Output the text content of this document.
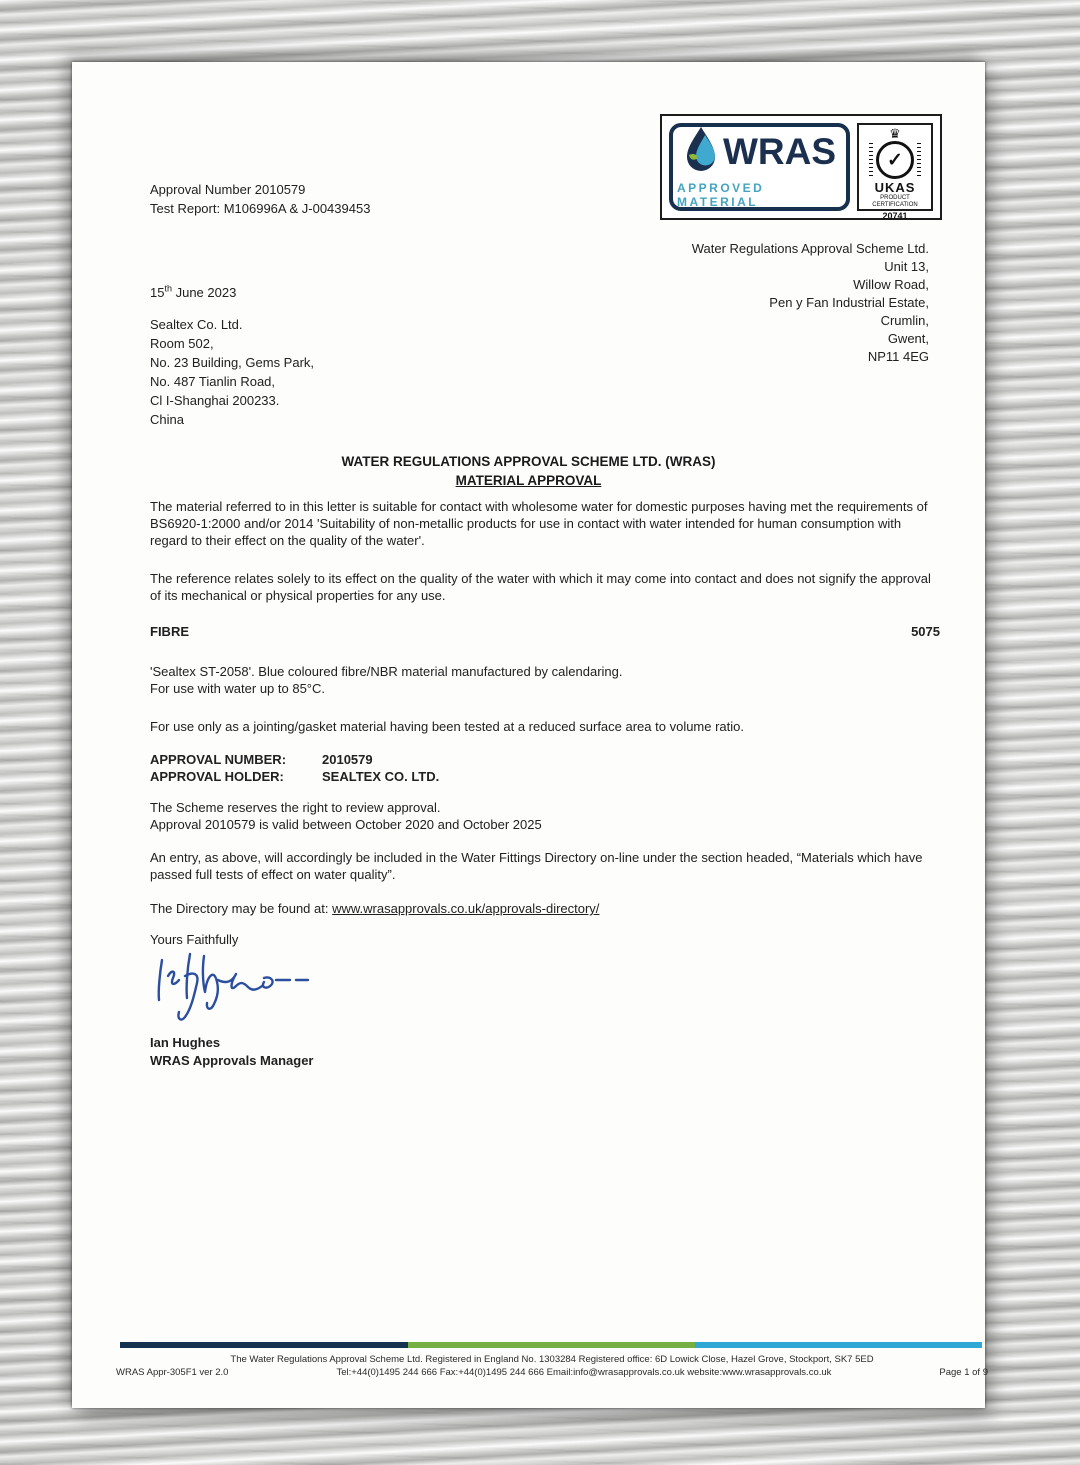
Approval Number 2010579
Test Report: M106996A & J-00439453
WRAS
APPROVED MATERIAL
♛
✓
UKAS
PRODUCT
CERTIFICATION
20741
Water Regulations Approval Scheme Ltd.
Unit 13,
Willow Road,
Pen y Fan Industrial Estate,
Crumlin,
Gwent,
NP11 4EG
15th June 2023
Sealtex Co. Ltd.
Room 502,
No. 23 Building, Gems Park,
No. 487 Tianlin Road,
Cl I-Shanghai 200233.
China
WATER REGULATIONS APPROVAL SCHEME LTD. (WRAS)
MATERIAL APPROVAL
The material referred to in this letter is suitable for contact with wholesome water for domestic purposes having met the requirements of BS6920-1:2000 and/or 2014 'Suitability of non-metallic products for use in contact with water intended for human consumption with regard to their effect on the quality of the water'.
The reference relates solely to its effect on the quality of the water with which it may come into contact and does not signify the approval of its mechanical or physical properties for any use.
FIBRE	5075
'Sealtex ST-2058'. Blue coloured fibre/NBR material manufactured by calendaring.
For use with water up to 85°C.
For use only as a jointing/gasket material having been tested at a reduced surface area to volume ratio.
APPROVAL NUMBER:	2010579
APPROVAL HOLDER:	SEALTEX CO. LTD.
The Scheme reserves the right to review approval.
Approval 2010579 is valid between October 2020 and October 2025
An entry, as above, will accordingly be included in the Water Fittings Directory on-line under the section headed, “Materials which have passed full tests of effect on water quality”.
The Directory may be found at: www.wrasapprovals.co.uk/approvals-directory/
Yours Faithfully
Ian Hughes
WRAS Approvals Manager
The Water Regulations Approval Scheme Ltd. Registered in England No. 1303284 Registered office: 6D Lowick Close, Hazel Grove, Stockport, SK7 5ED
WRAS Appr-305F1 ver 2.0	Tel:+44(0)1495 244 666 Fax:+44(0)1495 244 666 Email:info@wrasapprovals.co.uk website:www.wrasapprovals.co.uk	Page 1 of 9
